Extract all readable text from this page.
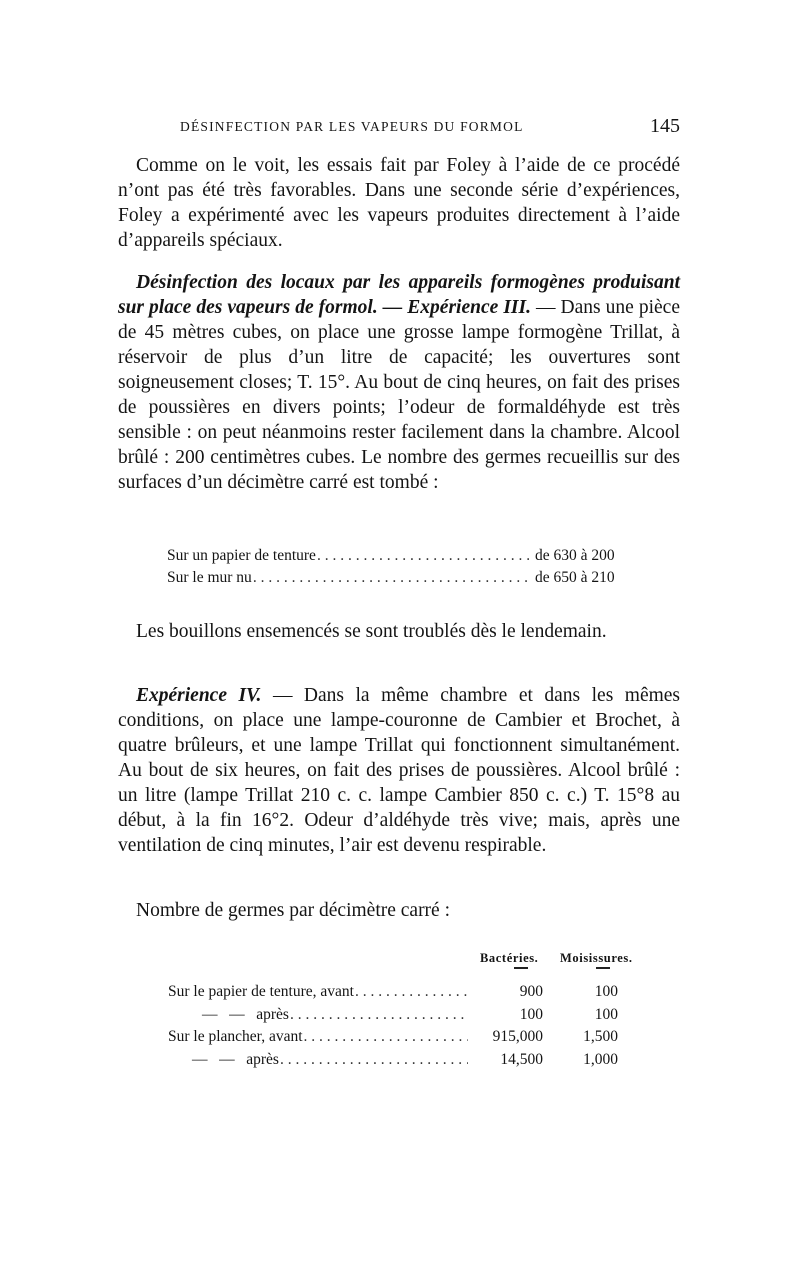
DÉSINFECTION PAR LES VAPEURS DU FORMOL	145

Comme on le voit, les essais fait par Foley à l’aide de ce procédé n’ont pas été très favorables. Dans une seconde série d’expériences, Foley a expérimenté avec les vapeurs produites directement à l’aide d’appareils spéciaux.

Désinfection des locaux par les appareils formogènes produisant sur place des vapeurs de formol. — Expérience III. — Dans une pièce de 45 mètres cubes, on place une grosse lampe formogène Trillat, à réservoir de plus d’un litre de capacité; les ouvertures sont soigneusement closes; T. 15°. Au bout de cinq heures, on fait des prises de poussières en divers points; l’odeur de formaldéhyde est très sensible : on peut néanmoins rester facilement dans la chambre. Alcool brûlé : 200 centimètres cubes. Le nombre des germes recueillis sur des surfaces d’un décimètre carré est tombé :

Sur un papier de tenture . . .	de 630 à 200
Sur le mur nu . . .	de 650 à 210

Les bouillons ensemencés se sont troublés dès le lendemain.

Expérience IV. — Dans la même chambre et dans les mêmes conditions, on place une lampe-couronne de Cambier et Brochet, à quatre brûleurs, et une lampe Trillat qui fonctionnent simultanément. Au bout de six heures, on fait des prises de poussières. Alcool brûlé : un litre (lampe Trillat 210 c. c. lampe Cambier 850 c. c.) T. 15°8 au début, à la fin 16°2. Odeur d’aldéhyde très vive; mais, après une ventilation de cinq minutes, l’air est devenu respirable.

Nombre de germes par décimètre carré :

Bactéries. Moisissures.
Sur le papier de tenture, avant . . .	900	100
—   —   après . . .	100	100
Sur le plancher, avant . . .	915,000	1,500
—   —   après . . .	14,500	1,000
